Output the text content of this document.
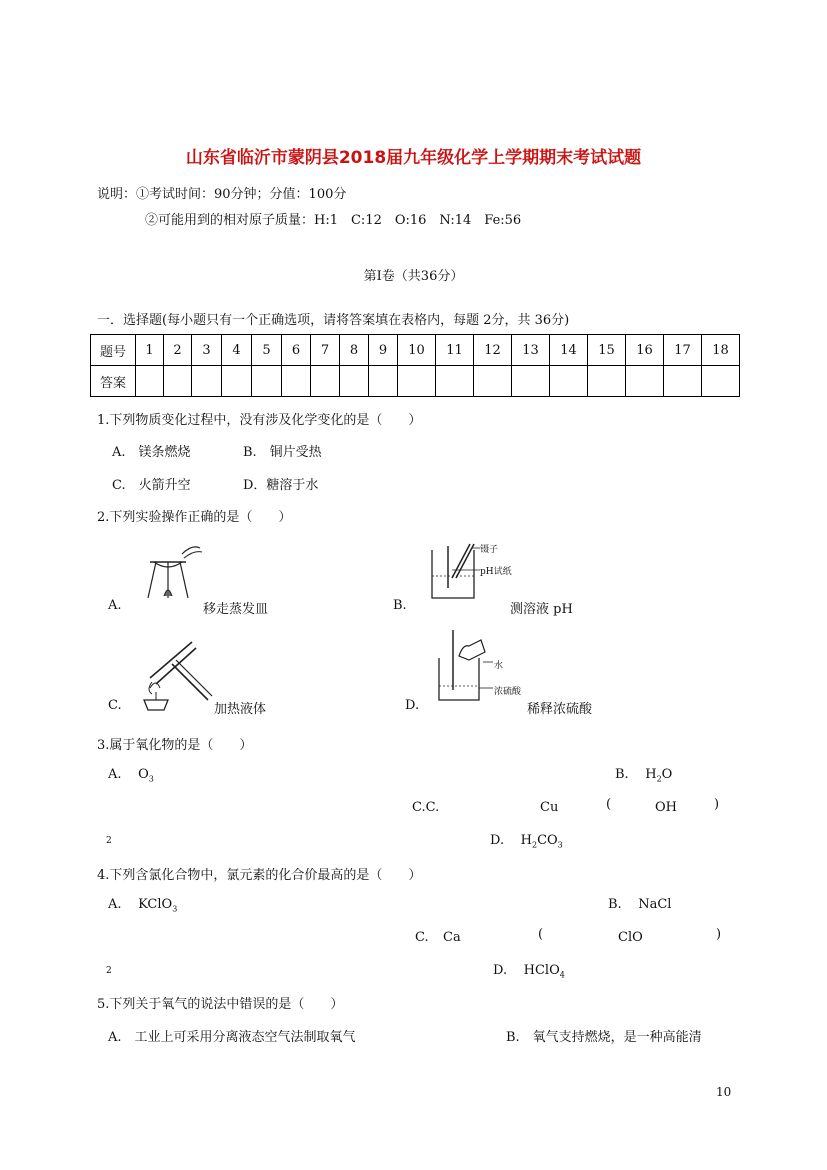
山东省临沂市蒙阴县2018届九年级化学上学期期末考试试题
说明：①考试时间：90分钟；分值：100分
②可能用到的相对原子质量：H:1　C:12　O:16　N:14　Fe:56
第Ⅰ卷（共36分）
一．选择题(每小题只有一个正确选项，请将答案填在表格内，每题 2分，共 36分)
题号	1	2	3	4	5	6	7	8	9	10	11	12	13	14	15	16	17	18
答案																		
1.下列物质变化过程中，没有涉及化学变化的是（　　）
A.　镁条燃烧	B.　铜片受热
C.　火箭升空	D．糖溶于水
2.下列实验操作正确的是（　　）
A.	移走蒸发皿	B.
镊子
pH试纸
测溶液 pH
C.	加热液体	D.
水
浓硫酸
稀释浓硫酸
3.属于氧化物的是（　　）
A. $O_3$	B. $H_2O$
C.C.	Cu	(	OH	)
2	D. $H_2CO_3$
4.下列含氯化合物中，氯元素的化合价最高的是（　　）
A. KClO$_3$	B. NaCl
C. Ca	(	ClO	)
2	D. HClO$_4$
5.下列关于氧气的说法中错误的是（　　）
A.　工业上可采用分离液态空气法制取氧气	B.　氧气支持燃烧，是一种高能清
10
